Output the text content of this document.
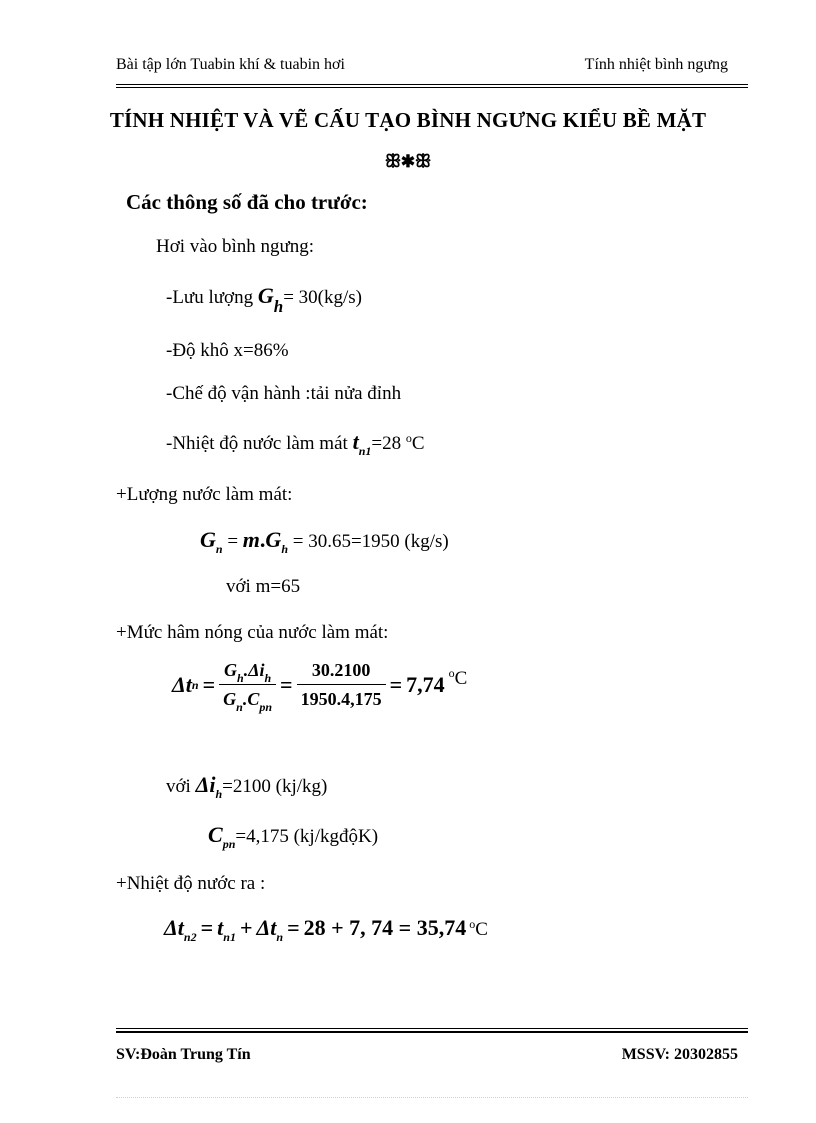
Bài tập lớn Tuabin khí & tuabin hơi	Tính nhiệt bình ngưng
TÍNH NHIỆT VÀ VẼ CẤU TẠO BÌNH NGƯNG KIỂU BỀ MẶT
ꕥ✱ꕥ
Các thông số đã cho trước:
Hơi vào bình ngưng:
-Lưu lượng $G_h= 30(kg/s)$
-Độ khô x=86%
-Chế độ vận hành :tải nửa đỉnh
-Nhiệt độ nước làm mát $t_{n1}=28$ $^o$C
+Lượng nước làm mát:
$G_n = m.G_h = 30.65=1950$ (kg/s)
với m=65
+Mức hâm nóng của nước làm mát:
Δt $n = \frac{G_h.\Delta i_h}{G_n.C_{pn}} = \frac{30.2100}{1950.4,175} = 7,74$ $^o$C
với $\Delta i_h=2100$ (kj/kg)
$C_{pn}=4,175$ (kj/kgđộK)
+Nhiệt độ nước ra :
$\Delta t_{n2} = t_{n1} + \Delta t_n = 28 + 7$, 74 = 35,74 $^o$C
SV:Đoàn Trung Tín	MSSV: 20302855
